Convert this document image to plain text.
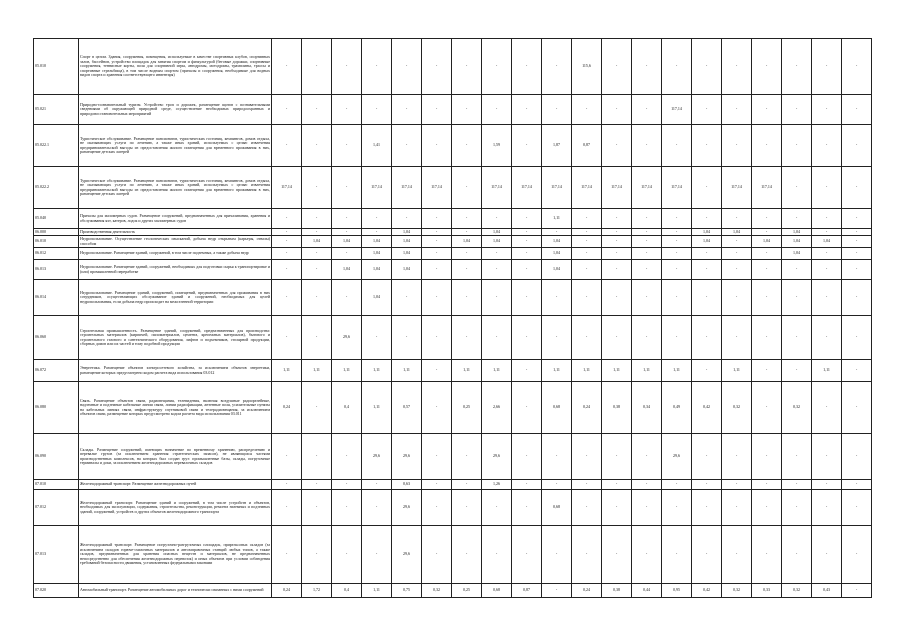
05.010	Спорт в целом. Здания, сооружения, помещения, используемые в качестве спортивных клубов, спортивных залов, бассейнов, устройство площадок для занятия спортом и физкультурой (беговые дорожки, спортивные сооружения, теннисные корты, поля для спортивной игры, автодромы, мотодромы, трамплины, трассы и спортивные стрельбища), в том числе водным спортом (причалы и сооружения, необходимые для водных видов спорта и хранения соответствующего инвентаря)	-	-	-	-	-	-	-	-	-	-	115,6	-	-	-	-	-	-	-	-	-
05.021	Природно-познавательный туризм. Устройство троп и дорожек, размещение щитов с познавательными сведениями об окружающей природной среде, осуществление необходимых природоохранных и природовосстановительных мероприятий	-	-	-	-	-	-	-	-	-	-	-	-	-	117,14	-	-	-	-	-	-
05.022.1	Туристическое обслуживание. Размещение пансионатов, туристических гостиниц, кемпингов, домов отдыха, не оказывающих услуги по лечению, а также иных зданий, используемых с целью извлечения предпринимательской выгоды из предоставления жилого помещения для временного проживания в них, размещение детских лагерей	-	-	-	1,41	-	-	-	1,59	-	1,87	0,87	-	-	-	-	-	-	-	-	-
05.022.2	Туристическое обслуживание. Размещение пансионатов, туристических гостиниц, кемпингов, домов отдыха, не оказывающих услуги по лечению, а также иных зданий, используемых с целью извлечения предпринимательской выгоды из предоставления жилого помещения для временного проживания в них, размещение детских лагерей	117,14	-	-	117,14	117,14	117,14	-	117,14	117,14	117,14	117,14	117,14	117,14	117,14	-	117,14	117,14	-	-	-
05.040	Причалы для маломерных судов. Размещение сооружений, предназначенных для причаливания, хранения и обслуживания яхт, катеров, лодок и других маломерных судов	-	-	-	-	-	-	-	-	-	1,11	-	-	-	-	-	-	-	-	-	-
06.000	Производственная деятельность	-	-	-	-	1,04	-	-	1,04	-	-	-	-	-	-	1,04	1,04	-	1,04	-	-
06.010	Недропользование. Осуществление геологических изысканий, добыча недр открытым (карьеры, отвалы) способом	-	1,04	1,04	1,04	1,04	-	1,04	1,04	-	1,04	-	-	-	-	1,04	-	1,04	1,04	1,04	-
06.012	Недропользование. Размещение зданий, сооружений, в том числе подземных, а также добыча недр	-	-	-	1,04	1,04	-	-	-	-	1,04	-	-	-	-	-	-	-	1,04	-	-
06.013	Недропользование. Размещение зданий, сооружений, необходимых для подготовки сырья к транспортировке и (или) промышленной переработке	-	-	1,04	1,04	1,04	-	-	-	-	1,04	-	-	-	-	-	-	-	-	-	-
06.014	Недропользование. Размещение зданий, сооружений, помещений, предназначенных для проживания в них сотрудников, осуществляющих обслуживание зданий и сооружений, необходимых для целей недропользования, если добыча недр происходит на межселенной территории	-	-	-	1,04	-	-	-	-	-	-	-	-	-	-	-	-	-	-	-	-
06.060	Строительная промышленность. Размещение зданий, сооружений, предназначенных для производства: строительных материалов (кирпичей, пиломатериалов, цемента, крепежных материалов), бытового и строительного газового и сантехнического оборудования, лифтов и подъемников, столярной продукции, сборных домов или их частей и тому подобной продукции	-	-	29,6	-	-	-	-	-	-	-	-	-	-	-	-	-	-	-	-	-
06.072	Энергетика. Размещение объектов электросетевого хозяйства, за исключением объектов энергетики, размещение которых предусмотрено кодом расчета вида использования 03.012	1,11	1,11	1,11	1,11	1,11	-	1,11	1,11	-	1,11	1,11	1,11	1,11	1,11	-	1,11	-	-	1,11	-
06.080	Связь. Размещение объектов связи, радиовещания, телевидения, включая воздушные радиорелейные, надземные и подземные кабельные линии связи, линии радиофикации, антенные поля, усилительные пункты на кабельных линиях связи, инфраструктуру спутниковой связи и телерадиовещания, за исключением объектов связи, размещение которых предусмотрено кодом расчета вида использования 03.011	0,24	-	0,4	1,11	0,57	-	0,25	2,66	-	0,68	0,24	0,38	0,34	0,49	0,42	0,32	-	0,32	-	-
06.090	Склады. Размещение сооружений, имеющих назначение по временному хранению, распределению и перевалке грузов (за исключением хранения стратегических запасов), не являющихся частями производственных комплексов, на которых был создан груз: промышленные базы, склады, погрузочные терминалы и доки, за исключением железнодорожных перевалочных складов	-	-	-	29,6	29,6	-	-	29,6	-	-	-	-	-	29,6	-	-	-	-	-	-
07.010	Железнодорожный транспорт. Размещение железнодорожных путей	-	-	-	-	0,63	-	-	1,26	-	-	-	-	-	-	-	-	-	-	-	-
07.012	Железнодорожный транспорт. Размещение зданий и сооружений, в том числе устройств и объектов, необходимых для эксплуатации, содержания, строительства, реконструкции, ремонта наземных и подземных зданий, сооружений, устройств и других объектов железнодорожного транспорта	-	-	-	-	29,6	-	-	-	-	0,68	-	-	-	-	-	-	-	-	-	-
07.013	Железнодорожный транспорт. Размещение погрузочно-разгрузочных площадок, прирельсовых складов (за исключением складов горюче-смазочных материалов и автозаправочных станций любых типов, а также складов, предназначенных для хранения опасных веществ и материалов, не предназначенных непосредственно для обеспечения железнодорожных перевозок) и иных объектов при условии соблюдения требований безопасности движения, установленных федеральными законами	-	-	-	-	29,6	-	-	-	-	-	-	-	-	-	-	-	-	-	-	-
07.020	Автомобильный транспорт. Размещение автомобильных дорог и технически связанных с ними сооружений	0,24	1,72	0,4	1,11	0,75	0,32	0,25	0,68	0,87	-	0,24	0,38	0,44	0,95	0,42	0,32	0,33	0,32	0,43	-
